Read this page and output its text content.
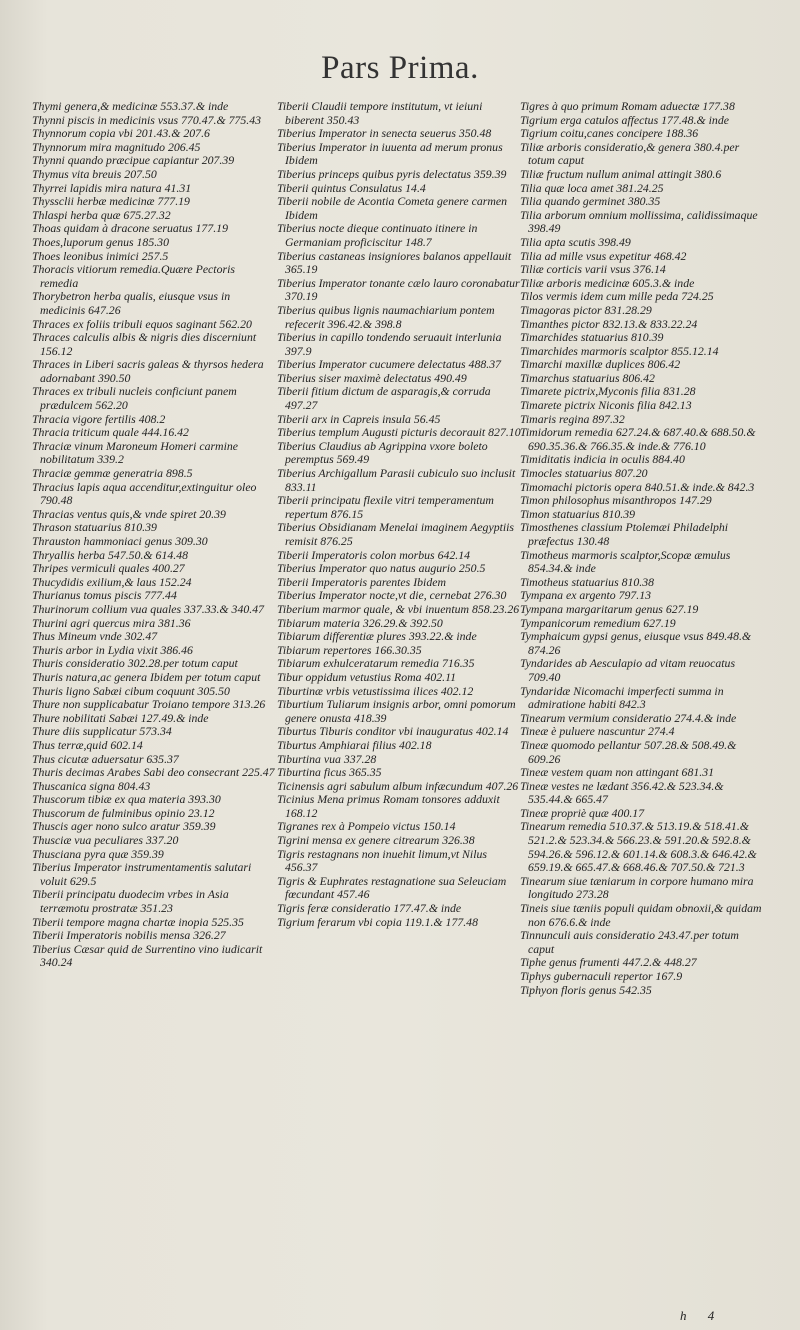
Pars Prima.
Thymi genera,& medicinæ 553.37.& inde
Thynni piscis in medicinis vsus 770.47.& 775.43
Thynnorum copia vbi 201.43.& 207.6
Thynnorum mira magnitudo 206.45
Thynni quando præcipue capiantur 207.39
Thymus vita breuis 207.50
Thyrrei lapidis mira natura 41.31
Thyssclii herbæ medicinæ 777.19
Thlaspi herba quæ 675.27.32
Thoas quidam à dracone seruatus 177.19
Thoes,luporum genus 185.30
Thoes leonibus inimici 257.5
Thoracis vitiorum remedia.Quære Pectoris remedia
Thorybetron herba qualis, eiusque vsus in medicinis 647.26
Thraces ex foliis tribuli equos saginant 562.20
Thraces calculis albis & nigris dies discerniunt 156.12
Thraces in Liberi sacris galeas & thyrsos hedera adornabant 390.50
Thraces ex tribuli nucleis conficiunt panem prædulcem 562.20
Thracia vigore fertilis 408.2
Thracia triticum quale 444.16.42
Thraciæ vinum Maroneum Homeri carmine nobilitatum 339.2
Thraciæ gemmæ generatria 898.5
Thracius lapis aqua accenditur,extinguitur oleo 790.48
Thracias ventus quis,& vnde spiret 20.39
Thrason statuarius 810.39
Thrauston hammoniaci genus 309.30
Thryallis herba 547.50.& 614.48
Thripes vermiculi quales 400.27
Thucydidis exilium,& laus 152.24
Thurianus tomus piscis 777.44
Thurinorum collium vua quales 337.33.& 340.47
Thurini agri quercus mira 381.36
Thus Mineum vnde 302.47
Thuris arbor in Lydia vixit 386.46
Thuris consideratio 302.28.per totum caput
Thuris natura,ac genera Ibidem per totum caput
Thuris ligno Sabæi cibum coquunt 305.50
Thure non supplicabatur Troiano tempore 313.26
Thure nobilitati Sabæi 127.49.& inde
Thure diis supplicatur 573.34
Thus terræ,quid 602.14
Thus cicutæ aduersatur 635.37
Thuris decimas Arabes Sabi deo consecrant 225.47
Thuscanica signa 804.43
Thuscorum tibiæ ex qua materia 393.30
Thuscorum de fulminibus opinio 23.12
Thuscis ager nono sulco aratur 359.39
Thusciæ vua peculiares 337.20
Thusciana pyra quæ 359.39
Tiberius Imperator instrumentamentis salutari voluit 629.5
Tiberii principatu duodecim vrbes in Asia terræmotu prostratæ 351.23
Tiberii tempore magna chartæ inopia 525.35
Tiberii Imperatoris nobilis mensa 326.27
Tiberius Cæsar quid de Surrentino vino iudicarit 340.24
Tiberii Claudii tempore institutum, vt ieiuni biberent 350.43
Tiberius Imperator in senecta seuerus 350.48
Tiberius Imperator in iuuenta ad merum pronus Ibidem
Tiberius princeps quibus pyris delectatus 359.39
Tiberii quintus Consulatus 14.4
Tiberii nobile de Acontia Cometa genere carmen Ibidem
Tiberius nocte dieque continuato itinere in Germaniam proficiscitur 148.7
Tiberius castaneas insigniores balanos appellauit 365.19
Tiberius Imperator tonante cælo lauro coronabatur 370.19
Tiberius quibus lignis naumachiarium pontem refecerit 396.42.& 398.8
Tiberius in capillo tondendo seruauit interlunia 397.9
Tiberius Imperator cucumere delectatus 488.37
Tiberius siser maximè delectatus 490.49
Tiberii fitium dictum de asparagis,& corruda 497.27
Tiberii arx in Capreis insula 56.45
Tiberius templum Augusti picturis decorauit 827.10
Tiberius Claudius ab Agrippina vxore boleto peremptus 569.49
Tiberius Archigallum Parasii cubiculo suo inclusit 833.11
Tiberii principatu flexile vitri temperamentum repertum 876.15
Tiberius Obsidianam Menelai imaginem Aegyptiis remisit 876.25
Tiberii Imperatoris colon morbus 642.14
Tiberius Imperator quo natus augurio 250.5
Tiberii Imperatoris parentes Ibidem
Tiberius Imperator nocte,vt die, cernebat 276.30
Tiberium marmor quale, & vbi inuentum 858.23.26
Tibiarum materia 326.29.& 392.50
Tibiarum differentiæ plures 393.22.& inde
Tibiarum repertores 166.30.35
Tibiarum exhulceratarum remedia 716.35
Tibur oppidum vetustius Roma 402.11
Tiburtinæ vrbis vetustissima ilices 402.12
Tiburtium Tuliarum insignis arbor, omni pomorum genere onusta 418.39
Tiburtus Tiburis conditor vbi inauguratus 402.14
Tiburtus Amphiarai filius 402.18
Tiburtina vua 337.28
Tiburtina ficus 365.35
Ticinensis agri sabulum album infæcundum 407.26
Ticinius Mena primus Romam tonsores adduxit 168.12
Tigranes rex à Pompeio victus 150.14
Tigrini mensa ex genere citrearum 326.38
Tigris restagnans non inuehit limum,vt Nilus 456.37
Tigris & Euphrates restagnatione sua Seleuciam fœcundant 457.46
Tigris feræ consideratio 177.47.& inde
Tigrium ferarum vbi copia 119.1.& 177.48
Tigres à quo primum Romam aduectæ 177.38
Tigrium erga catulos affectus 177.48.& inde
Tigrium coitu,canes concipere 188.36
Tiliæ arboris consideratio,& genera 380.4.per totum caput
Tiliæ fructum nullum animal attingit 380.6
Tilia quæ loca amet 381.24.25
Tilia quando germinet 380.35
Tilia arborum omnium mollissima, calidissimaque 398.49
Tilia apta scutis 398.49
Tilia ad mille vsus expetitur 468.42
Tiliæ corticis varii vsus 376.14
Tiliæ arboris medicinæ 605.3.& inde
Tilos vermis idem cum mille peda 724.25
Timagoras pictor 831.28.29
Timanthes pictor 832.13.& 833.22.24
Timarchides statuarius 810.39
Timarchides marmoris scalptor 855.12.14
Timarchi maxillæ duplices 806.42
Timarchus statuarius 806.42
Timarete pictrix,Myconis filia 831.28
Timarete pictrix Niconis filia 842.13
Timaris regina 897.32
Timidorum remedia 627.24.& 687.40.& 688.50.& 690.35.36.& 766.35.& inde.& 776.10
Timiditatis indicia in oculis 884.40
Timocles statuarius 807.20
Timomachi pictoris opera 840.51.& inde.& 842.3
Timon philosophus misanthropos 147.29
Timon statuarius 810.39
Timosthenes classium Ptolemæi Philadelphi præfectus 130.48
Timotheus marmoris scalptor,Scopæ æmulus 854.34.& inde
Timotheus statuarius 810.38
Tympana ex argento 797.13
Tympana margaritarum genus 627.19
Tympanicorum remedium 627.19
Tymphaicum gypsi genus, eiusque vsus 849.48.& 874.26
Tyndarides ab Aesculapio ad vitam reuocatus 709.40
Tyndaridæ Nicomachi imperfecti summa in admiratione habiti 842.3
Tinearum vermium consideratio 274.4.& inde
Tineæ è puluere nascuntur 274.4
Tineæ quomodo pellantur 507.28.& 508.49.& 609.26
Tineæ vestem quam non attingant 681.31
Tineæ vestes ne lædant 356.42.& 523.34.& 535.44.& 665.47
Tineæ propriè quæ 400.17
Tinearum remedia 510.37.& 513.19.& 518.41.& 521.2.& 523.34.& 566.23.& 591.20.& 592.8.& 594.26.& 596.12.& 601.14.& 608.3.& 646.42.& 659.19.& 665.47.& 668.46.& 707.50.& 721.3
Tinearum siue tæniarum in corpore humano mira longitudo 273.28
Tineis siue tæniis populi quidam obnoxii,& quidam non 676.6.& inde
Tinnunculi auis consideratio 243.47.per totum caput
Tiphe genus frumenti 447.2.& 448.27
Tiphys gubernaculi repertor 167.9
Tiphyon floris genus 542.35
h 4
